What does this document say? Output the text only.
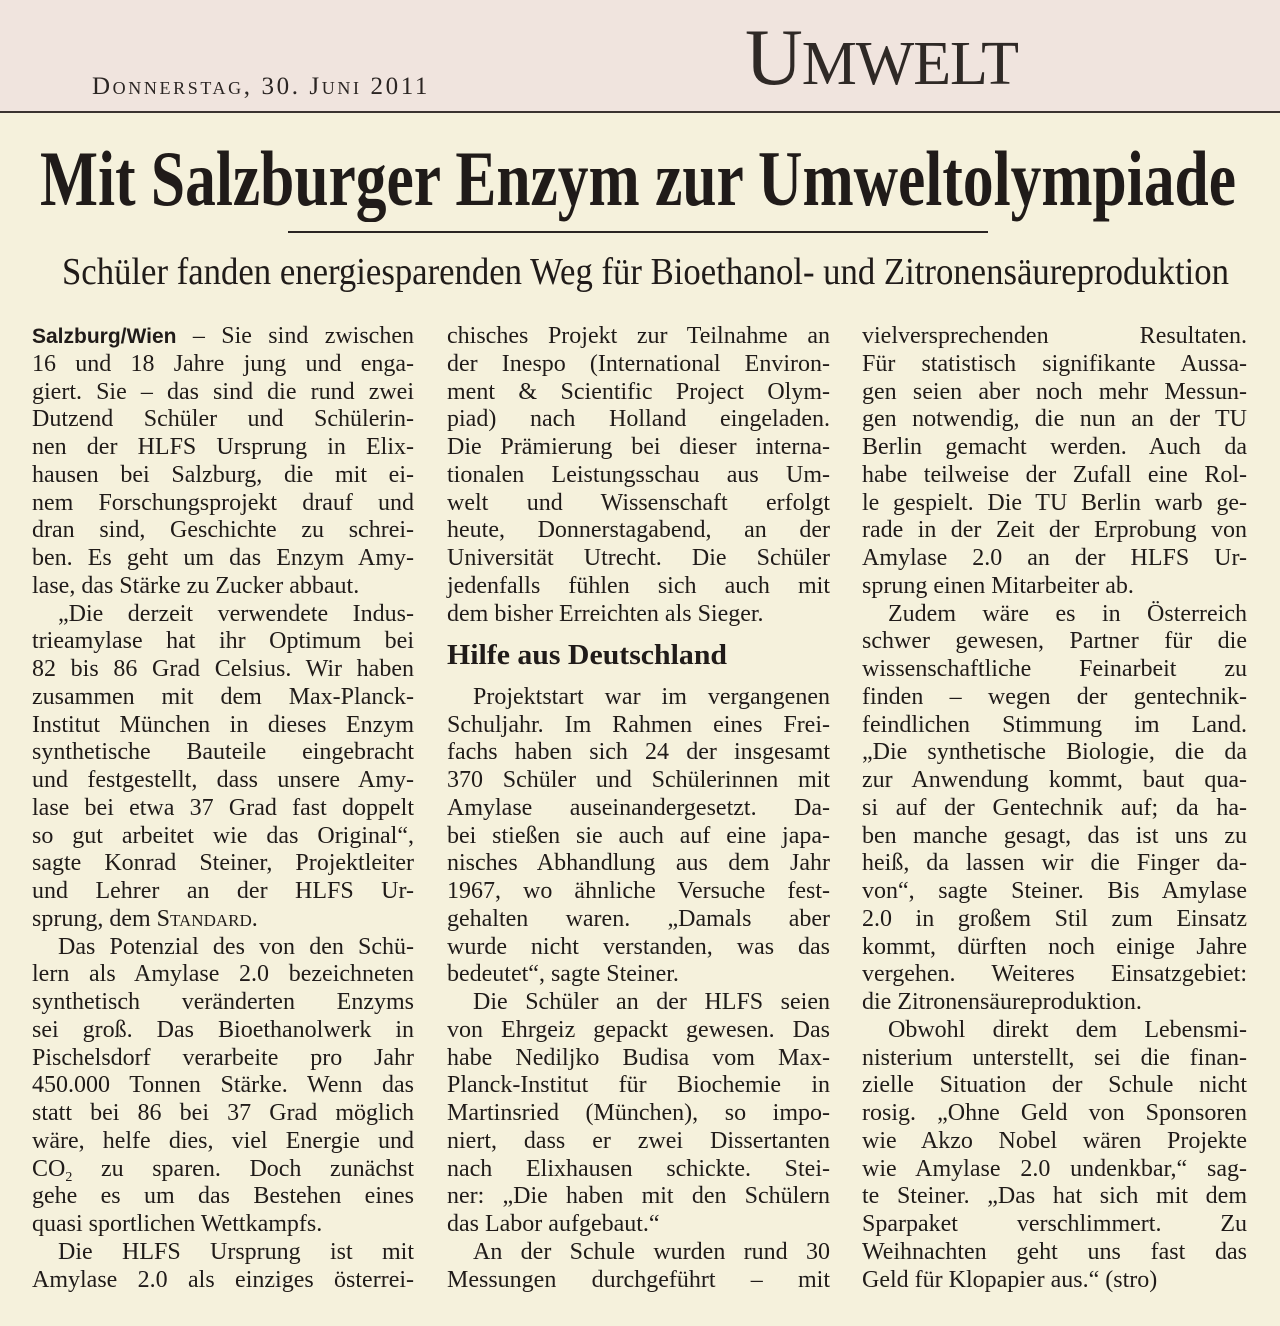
Donnerstag, 30. Juni 2011	UMWELT
Mit Salzburger Enzym zur Umweltolympiade
Schüler fanden energiesparenden Weg für Bioethanol- und Zitronensäureproduktion
Salzburg/Wien – Sie sind zwischen
16 und 18 Jahre jung und enga-
giert. Sie – das sind die rund zwei
Dutzend Schüler und Schülerin-
nen der HLFS Ursprung in Elix-
hausen bei Salzburg, die mit ei-
nem Forschungsprojekt drauf und
dran sind, Geschichte zu schrei-
ben. Es geht um das Enzym Amy-
lase, das Stärke zu Zucker abbaut.
„Die derzeit verwendete Indus-
trieamylase hat ihr Optimum bei
82 bis 86 Grad Celsius. Wir haben
zusammen mit dem Max-Planck-
Institut München in dieses Enzym
synthetische Bauteile eingebracht
und festgestellt, dass unsere Amy-
lase bei etwa 37 Grad fast doppelt
so gut arbeitet wie das Original“,
sagte Konrad Steiner, Projektleiter
und Lehrer an der HLFS Ur-
sprung, dem Standard.
Das Potenzial des von den Schü-
lern als Amylase 2.0 bezeichneten
synthetisch veränderten Enzyms
sei groß. Das Bioethanolwerk in
Pischelsdorf verarbeite pro Jahr
450.000 Tonnen Stärke. Wenn das
statt bei 86 bei 37 Grad möglich
wäre, helfe dies, viel Energie und
$CO_2$ zu sparen. Doch zunächst
gehe es um das Bestehen eines
quasi sportlichen Wettkampfs.
Die HLFS Ursprung ist mit
Amylase 2.0 als einziges österrei-
chisches Projekt zur Teilnahme an
der Inespo (International Environ-
ment & Scientific Project Olym-
piad) nach Holland eingeladen.
Die Prämierung bei dieser interna-
tionalen Leistungsschau aus Um-
welt und Wissenschaft erfolgt
heute, Donnerstagabend, an der
Universität Utrecht. Die Schüler
jedenfalls fühlen sich auch mit
dem bisher Erreichten als Sieger.
Hilfe aus Deutschland
Projektstart war im vergangenen
Schuljahr. Im Rahmen eines Frei-
fachs haben sich 24 der insgesamt
370 Schüler und Schülerinnen mit
Amylase auseinandergesetzt. Da-
bei stießen sie auch auf eine japa-
nisches Abhandlung aus dem Jahr
1967, wo ähnliche Versuche fest-
gehalten waren. „Damals aber
wurde nicht verstanden, was das
bedeutet“, sagte Steiner.
Die Schüler an der HLFS seien
von Ehrgeiz gepackt gewesen. Das
habe Nediljko Budisa vom Max-
Planck-Institut für Biochemie in
Martinsried (München), so impo-
niert, dass er zwei Dissertanten
nach Elixhausen schickte. Stei-
ner: „Die haben mit den Schülern
das Labor aufgebaut.“
An der Schule wurden rund 30
Messungen durchgeführt – mit
vielversprechenden Resultaten.
Für statistisch signifikante Aussa-
gen seien aber noch mehr Messun-
gen notwendig, die nun an der TU
Berlin gemacht werden. Auch da
habe teilweise der Zufall eine Rol-
le gespielt. Die TU Berlin warb ge-
rade in der Zeit der Erprobung von
Amylase 2.0 an der HLFS Ur-
sprung einen Mitarbeiter ab.
Zudem wäre es in Österreich
schwer gewesen, Partner für die
wissenschaftliche Feinarbeit zu
finden – wegen der gentechnik-
feindlichen Stimmung im Land.
„Die synthetische Biologie, die da
zur Anwendung kommt, baut qua-
si auf der Gentechnik auf; da ha-
ben manche gesagt, das ist uns zu
heiß, da lassen wir die Finger da-
von“, sagte Steiner. Bis Amylase
2.0 in großem Stil zum Einsatz
kommt, dürften noch einige Jahre
vergehen. Weiteres Einsatzgebiet:
die Zitronensäureproduktion.
Obwohl direkt dem Lebensmi-
nisterium unterstellt, sei die finan-
zielle Situation der Schule nicht
rosig. „Ohne Geld von Sponsoren
wie Akzo Nobel wären Projekte
wie Amylase 2.0 undenkbar,“ sag-
te Steiner. „Das hat sich mit dem
Sparpaket verschlimmert. Zu
Weihnachten geht uns fast das
Geld für Klopapier aus.“ (stro)
